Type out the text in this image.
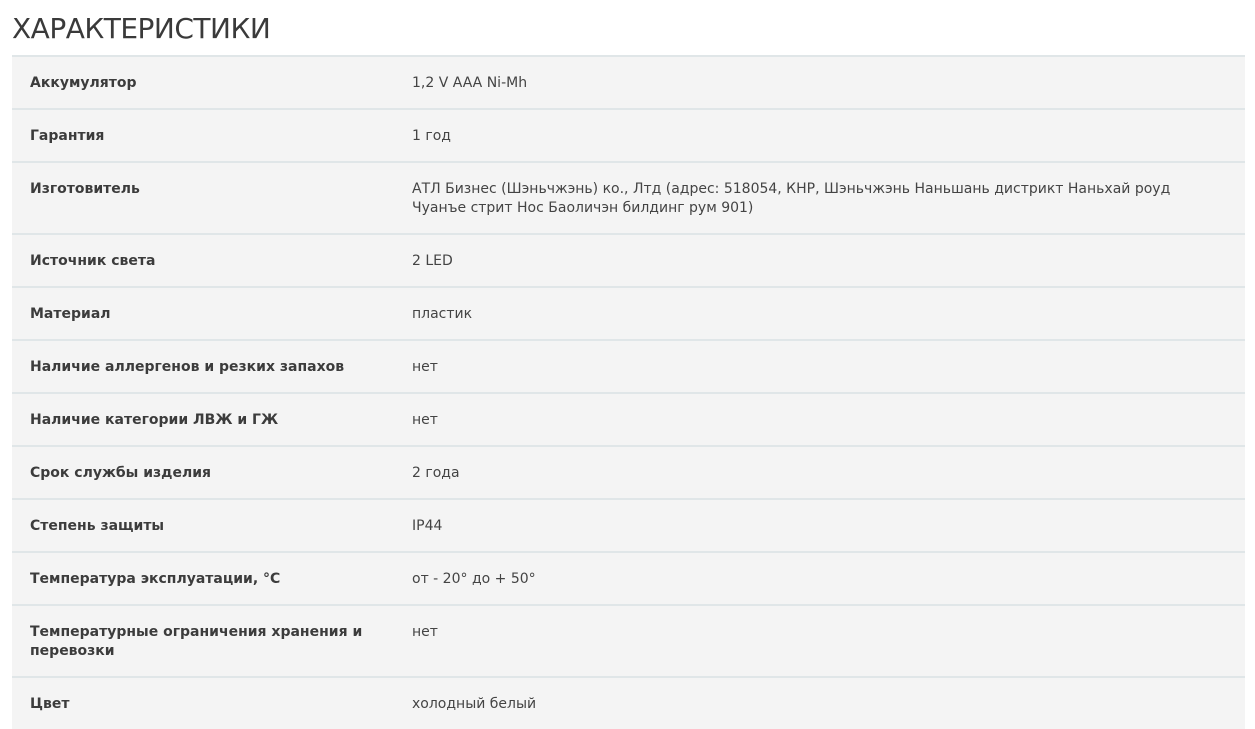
ХАРАКТЕРИСТИКИ
Аккумулятор	1,2 V AAA Ni-Mh
Гарантия	1 год
Изготовитель	АТЛ Бизнес (Шэньчжэнь) ко., Лтд (адрес: 518054, КНР, Шэньчжэнь Наньшань дистрикт Наньхай роуд Чуанъе стрит Нос Баоличэн билдинг рум 901)
Источник света	2 LED
Материал	пластик
Наличие аллергенов и резких запахов	нет
Наличие категории ЛВЖ и ГЖ	нет
Срок службы изделия	2 года
Степень защиты	IP44
Температура эксплуатации, °С	от - 20° до + 50°
Температурные ограничения хранения и перевозки	нет
Цвет	холодный белый
